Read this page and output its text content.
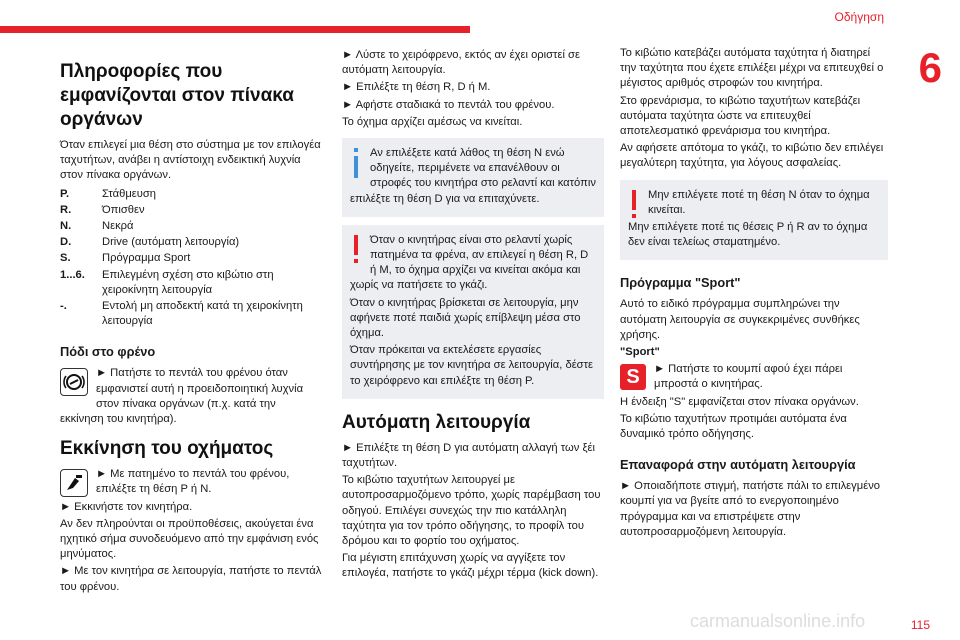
Οδήγηση
6
Πληροφορίες που εμφανίζονται στον πίνακα οργάνων

Όταν επιλεγεί μια θέση στο σύστημα με τον επιλογέα ταχυτήτων, ανάβει η αντίστοιχη ενδεικτική λυχνία στον πίνακα οργάνων.

P.	Στάθμευση
R.	Όπισθεν
N.	Νεκρά
D.	Drive (αυτόματη λειτουργία)
S.	Πρόγραμμα Sport
1...6.	Επιλεγμένη σχέση στο κιβώτιο στη χειροκίνητη λειτουργία
-.	Εντολή μη αποδεκτή κατά τη χειροκίνητη λειτουργία
Πόδι στο φρένο

► Πατήστε το πεντάλ του φρένου όταν εμφανιστεί αυτή η προειδοποιητική λυχνία στον πίνακα οργάνων (π.χ. κατά την εκκίνηση του κινητήρα).

Εκκίνηση του οχήματος

► Με πατημένο το πεντάλ του φρένου, επιλέξτε τη θέση P ή N.

► Εκκινήστε τον κινητήρα.

Αν δεν πληρούνται οι προϋποθέσεις, ακούγεται ένα ηχητικό σήμα συνοδευόμενο από την εμφάνιση ενός μηνύματος.

► Με τον κινητήρα σε λειτουργία, πατήστε το πεντάλ του φρένου.

► Λύστε το χειρόφρενο, εκτός αν έχει οριστεί σε αυτόματη λειτουργία.

► Επιλέξτε τη θέση R, D ή M.

► Αφήστε σταδιακά το πεντάλ του φρένου.

Το όχημα αρχίζει αμέσως να κινείται.

Αν επιλέξετε κατά λάθος τη θέση N ενώ οδηγείτε, περιμένετε να επανέλθουν οι στροφές του κινητήρα στο ρελαντί και κατόπιν επιλέξτε τη θέση D για να επιταχύνετε.

Όταν ο κινητήρας είναι στο ρελαντί χωρίς πατημένα τα φρένα, αν επιλεγεί η θέση R, D ή M, το όχημα αρχίζει να κινείται ακόμα και χωρίς να πατήσετε το γκάζι.

Όταν ο κινητήρας βρίσκεται σε λειτουργία, μην αφήνετε ποτέ παιδιά χωρίς επίβλεψη μέσα στο όχημα.

Όταν πρόκειται να εκτελέσετε εργασίες συντήρησης με τον κινητήρα σε λειτουργία, δέστε το χειρόφρενο και επιλέξτε τη θέση P.

Αυτόματη λειτουργία

► Επιλέξτε τη θέση D για αυτόματη αλλαγή των ξέι ταχυτήτων.

Το κιβώτιο ταχυτήτων λειτουργεί με αυτοπροσαρμοζόμενο τρόπο, χωρίς παρέμβαση του οδηγού. Επιλέγει συνεχώς την πιο κατάλληλη ταχύτητα για τον τρόπο οδήγησης, το προφίλ του δρόμου και το φορτίο του οχήματος.

Για μέγιστη επιτάχυνση χωρίς να αγγίξετε τον επιλογέα, πατήστε το γκάζι μέχρι τέρμα (kick down).

Το κιβώτιο κατεβάζει αυτόματα ταχύτητα ή διατηρεί την ταχύτητα που έχετε επιλέξει μέχρι να επιτευχθεί ο μέγιστος αριθμός στροφών του κινητήρα.

Στο φρενάρισμα, το κιβώτιο ταχυτήτων κατεβάζει αυτόματα ταχύτητα ώστε να επιτευχθεί αποτελεσματικό φρενάρισμα του κινητήρα.

Αν αφήσετε απότομα το γκάζι, το κιβώτιο δεν επιλέγει μεγαλύτερη ταχύτητα, για λόγους ασφαλείας.

Μην επιλέγετε ποτέ τη θέση N όταν το όχημα κινείται.

Μην επιλέγετε ποτέ τις θέσεις P ή R αν το όχημα δεν είναι τελείως σταματημένο.

Πρόγραμμα "Sport"

Αυτό το ειδικό πρόγραμμα συμπληρώνει την αυτόματη λειτουργία σε συγκεκριμένες συνθήκες χρήσης.

"Sport"

S	► Πατήστε το κουμπί αφού έχει πάρει μπροστά ο κινητήρας.

Η ένδειξη "S" εμφανίζεται στον πίνακα οργάνων.

Το κιβώτιο ταχυτήτων προτιμάει αυτόματα ένα δυναμικό τρόπο οδήγησης.

Επαναφορά στην αυτόματη λειτουργία

► Οποιαδήποτε στιγμή, πατήστε πάλι το επιλεγμένο κουμπί για να βγείτε από το ενεργοποιημένο πρόγραμμα και να επιστρέψετε στην αυτοπροσαρμοζόμενη λειτουργία.

carmanualsonline.info	115
